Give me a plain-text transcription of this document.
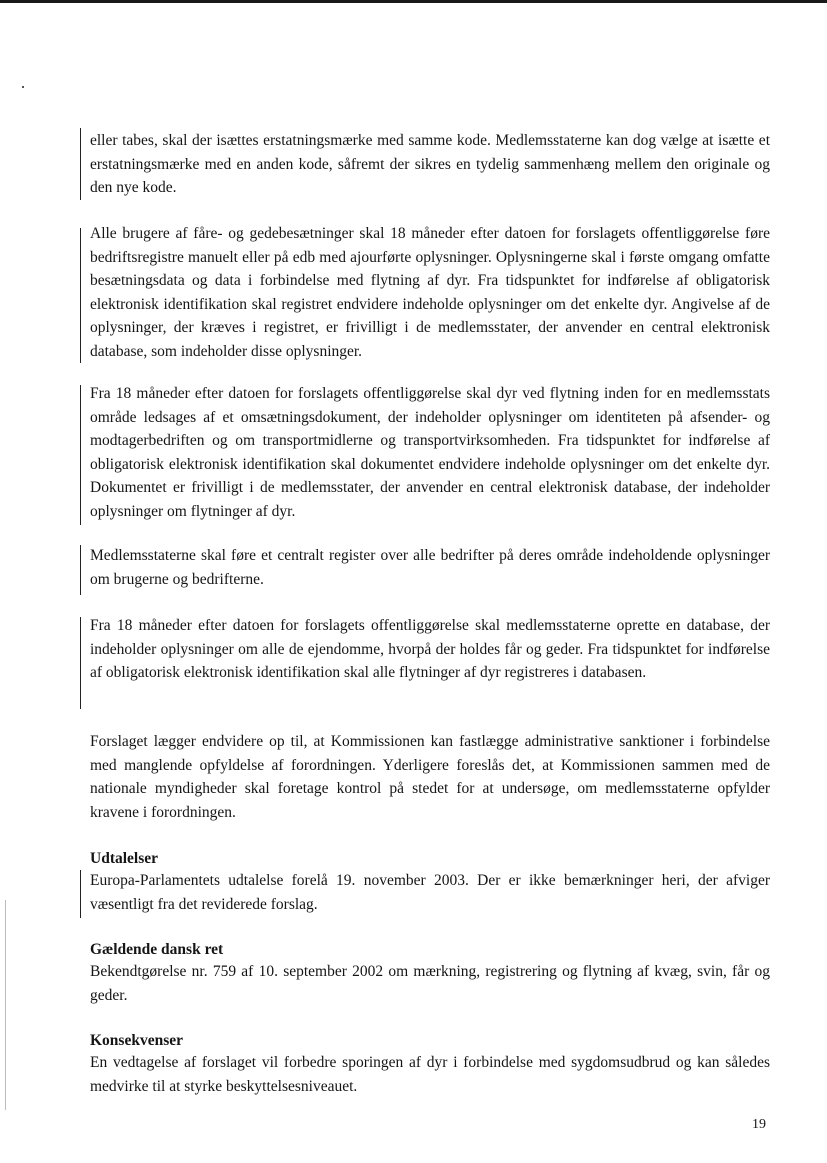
eller tabes, skal der isættes erstatningsmærke med samme kode. Medlemsstaterne kan dog vælge at isætte et erstatningsmærke med en anden kode, såfremt der sikres en tydelig sammenhæng mellem den originale og den nye kode.

Alle brugere af fåre- og gedebesætninger skal 18 måneder efter datoen for forslagets offentliggørelse føre bedriftsregistre manuelt eller på edb med ajourførte oplysninger. Oplysningerne skal i første omgang omfatte besætningsdata og data i forbindelse med flytning af dyr. Fra tidspunktet for indførelse af obligatorisk elektronisk identifikation skal registret endvidere indeholde oplysninger om det enkelte dyr. Angivelse af de oplysninger, der kræves i registret, er frivilligt i de medlemsstater, der anvender en central elektronisk database, som indeholder disse oplysninger.

Fra 18 måneder efter datoen for forslagets offentliggørelse skal dyr ved flytning inden for en medlemsstats område ledsages af et omsætningsdokument, der indeholder oplysninger om identiteten på afsender- og modtagerbedriften og om transportmidlerne og transportvirksomheden. Fra tidspunktet for indførelse af obligatorisk elektronisk identifikation skal dokumentet endvidere indeholde oplysninger om det enkelte dyr. Dokumentet er frivilligt i de medlemsstater, der anvender en central elektronisk database, der indeholder oplysninger om flytninger af dyr.

Medlemsstaterne skal føre et centralt register over alle bedrifter på deres område indeholdende oplysninger om brugerne og bedrifterne.

Fra 18 måneder efter datoen for forslagets offentliggørelse skal medlemsstaterne oprette en database, der indeholder oplysninger om alle de ejendomme, hvorpå der holdes får og geder. Fra tidspunktet for indførelse af obligatorisk elektronisk identifikation skal alle flytninger af dyr registreres i databasen.

Forslaget lægger endvidere op til, at Kommissionen kan fastlægge administrative sanktioner i forbindelse med manglende opfyldelse af forordningen. Yderligere foreslås det, at Kommissionen sammen med de nationale myndigheder skal foretage kontrol på stedet for at undersøge, om medlemsstaterne opfylder kravene i forordningen.

Udtalelser

Europa-Parlamentets udtalelse forelå 19. november 2003. Der er ikke bemærkninger heri, der afviger væsentligt fra det reviderede forslag.

Gældende dansk ret

Bekendtgørelse nr. 759 af 10. september 2002 om mærkning, registrering og flytning af kvæg, svin, får og geder.

Konsekvenser

En vedtagelse af forslaget vil forbedre sporingen af dyr i forbindelse med sygdomsudbrud og kan således medvirke til at styrke beskyttelsesniveauet.

19
